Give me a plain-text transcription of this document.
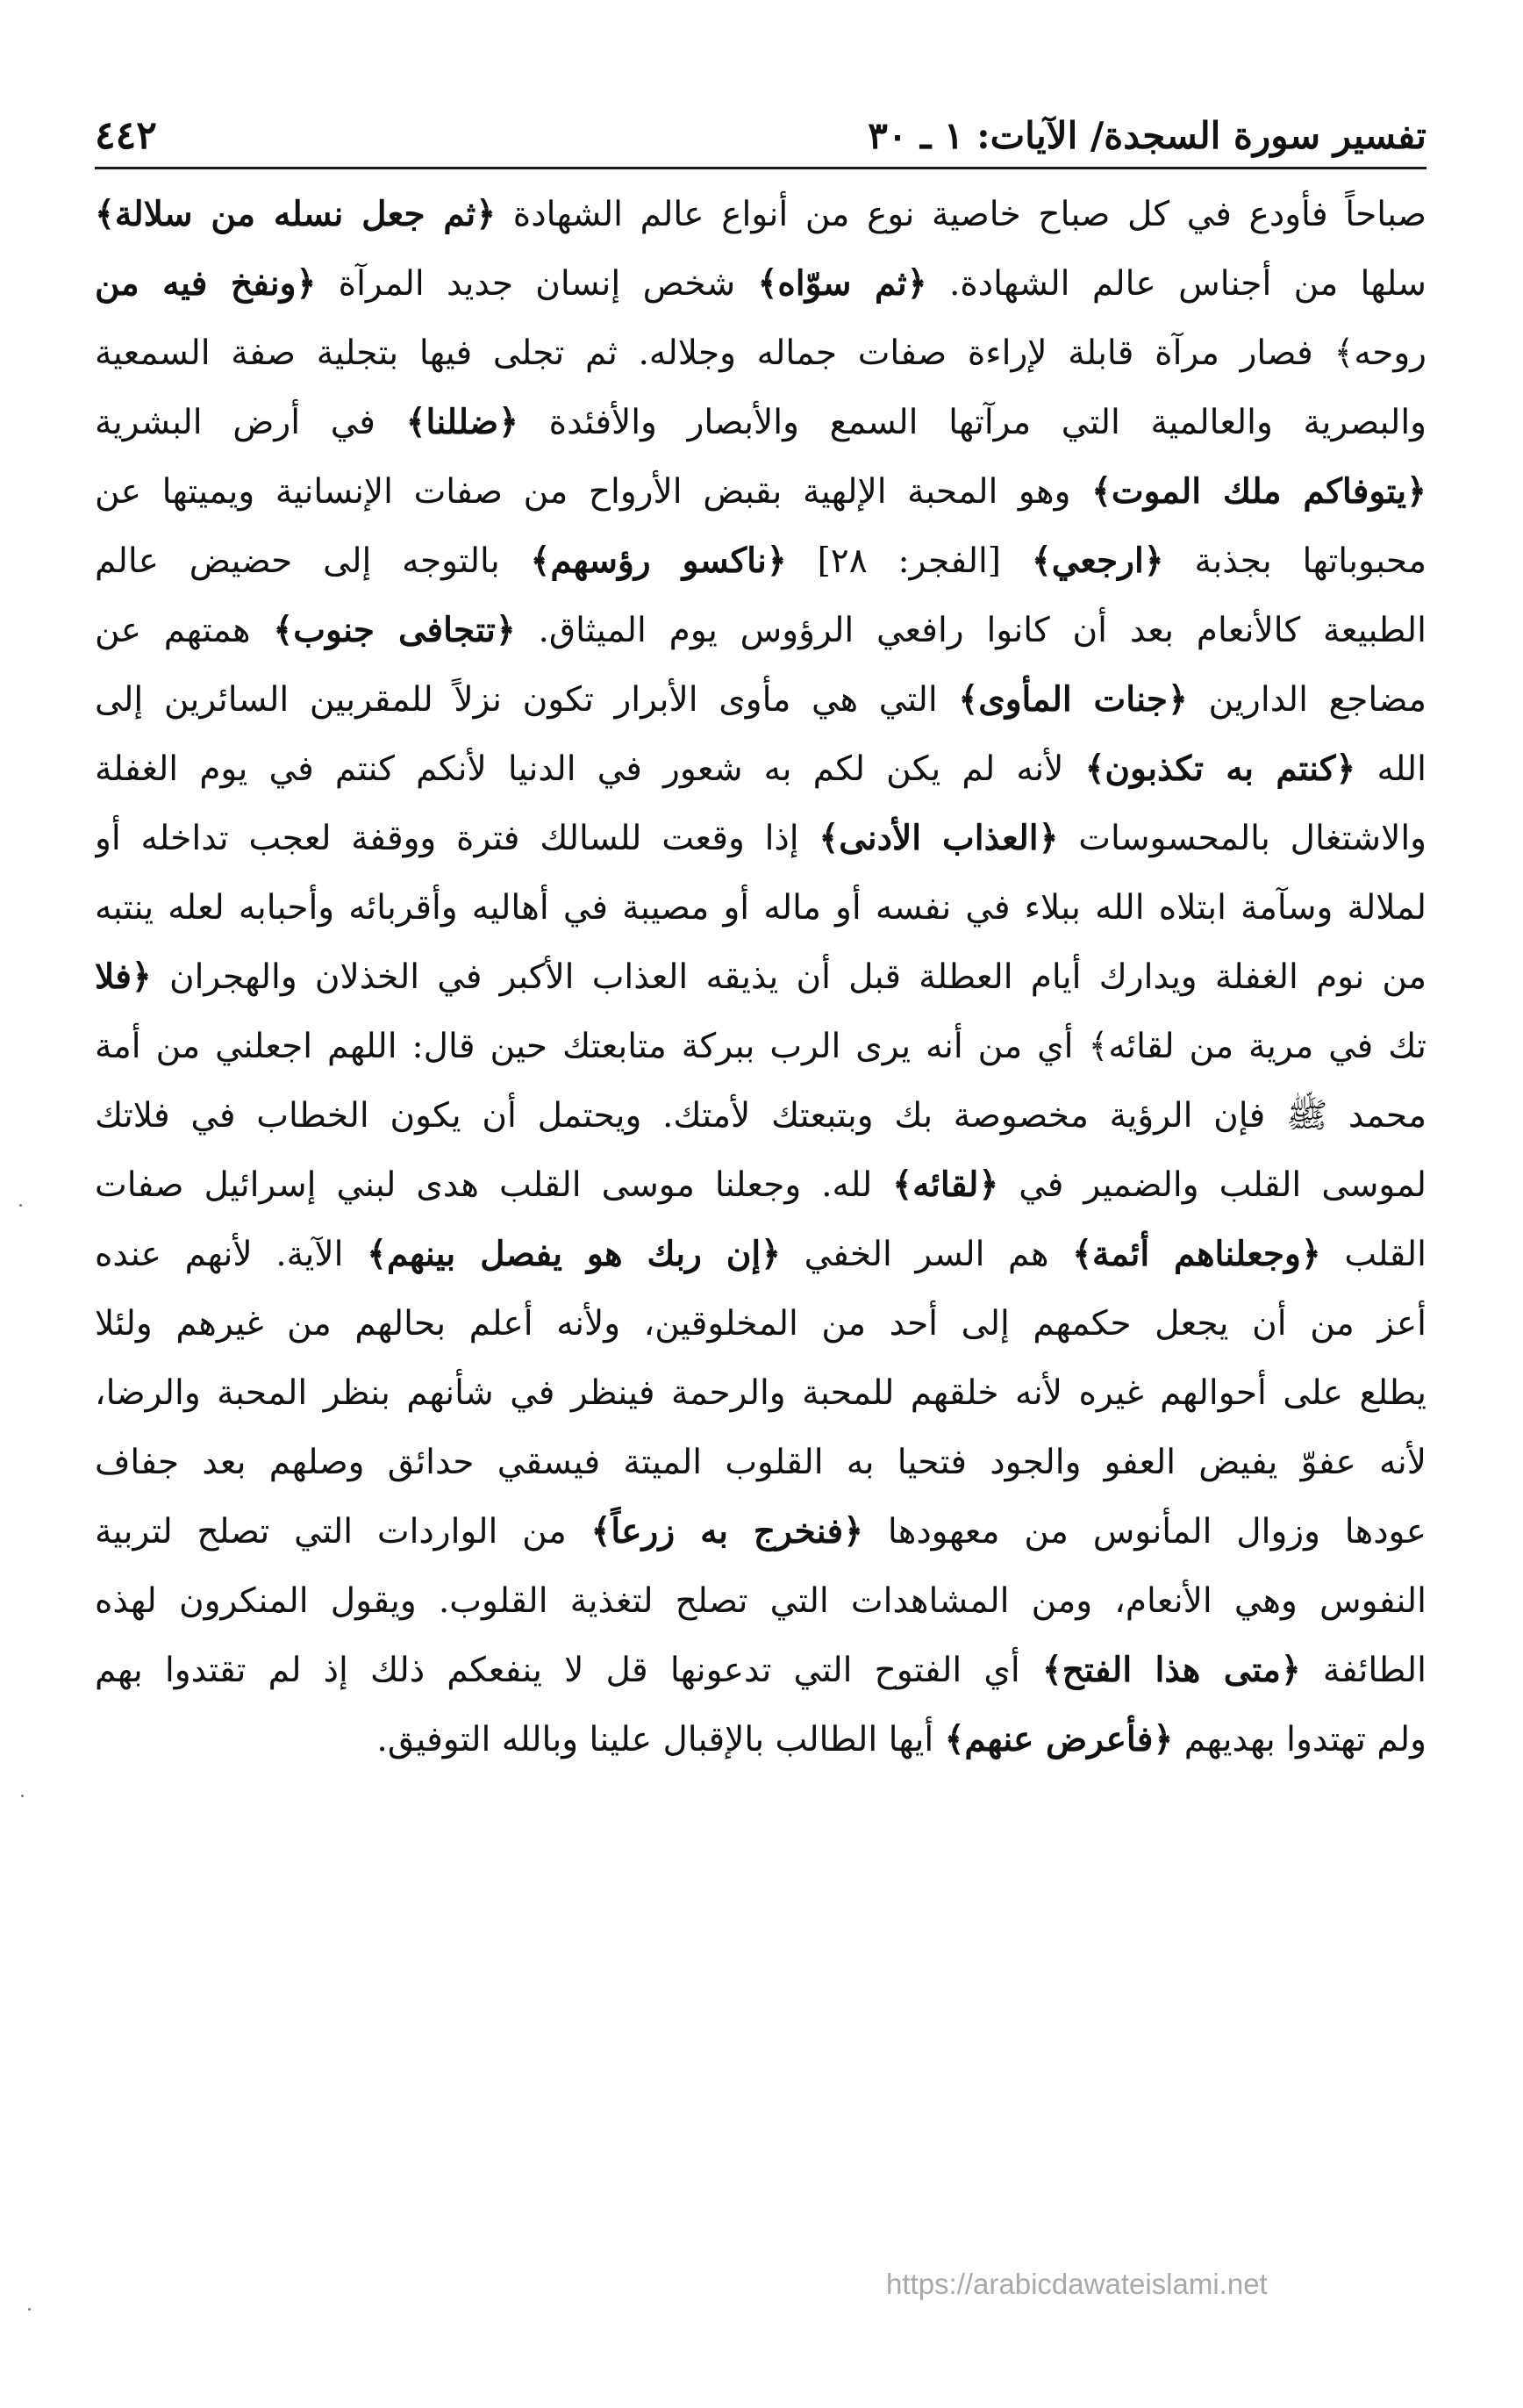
تفسير سورة السجدة/ الآيات: ١ ـ ٣٠
٤٤٢
صباحاً فأودع في كل صباح خاصية نوع من أنواع عالم الشهادة ﴿ثم جعل نسله من سلالة﴾
سلها من أجناس عالم الشهادة. ﴿ثم سوّاه﴾ شخص إنسان جديد المرآة ﴿ونفخ فيه من
روحه﴾ فصار مرآة قابلة لإراءة صفات جماله وجلاله. ثم تجلى فيها بتجلية صفة السمعية
والبصرية والعالمية التي مرآتها السمع والأبصار والأفئدة ﴿ضللنا﴾ في أرض البشرية
﴿يتوفاكم ملك الموت﴾ وهو المحبة الإلهية بقبض الأرواح من صفات الإنسانية ويميتها عن
محبوباتها بجذبة ﴿ارجعي﴾ [الفجر: ٢٨] ﴿ناكسو رؤسهم﴾ بالتوجه إلى حضيض عالم
الطبيعة كالأنعام بعد أن كانوا رافعي الرؤوس يوم الميثاق. ﴿تتجافى جنوب﴾ همتهم عن
مضاجع الدارين ﴿جنات المأوى﴾ التي هي مأوى الأبرار تكون نزلاً للمقربين السائرين إلى
الله ﴿كنتم به تكذبون﴾ لأنه لم يكن لكم به شعور في الدنيا لأنكم كنتم في يوم الغفلة
والاشتغال بالمحسوسات ﴿العذاب الأدنى﴾ إذا وقعت للسالك فترة ووقفة لعجب تداخله أو
لملالة وسآمة ابتلاه الله ببلاء في نفسه أو ماله أو مصيبة في أهاليه وأقربائه وأحبابه لعله ينتبه
من نوم الغفلة ويدارك أيام العطلة قبل أن يذيقه العذاب الأكبر في الخذلان والهجران ﴿فلا
تك في مرية من لقائه﴾ أي من أنه يرى الرب ببركة متابعتك حين قال: اللهم اجعلني من أمة
محمد ﷺ فإن الرؤية مخصوصة بك وبتبعتك لأمتك. ويحتمل أن يكون الخطاب في فلاتك
لموسى القلب والضمير في ﴿لقائه﴾ لله. وجعلنا موسى القلب هدى لبني إسرائيل صفات
القلب ﴿وجعلناهم أئمة﴾ هم السر الخفي ﴿إن ربك هو يفصل بينهم﴾ الآية. لأنهم عنده
أعز من أن يجعل حكمهم إلى أحد من المخلوقين، ولأنه أعلم بحالهم من غيرهم ولئلا
يطلع على أحوالهم غيره لأنه خلقهم للمحبة والرحمة فينظر في شأنهم بنظر المحبة والرضا،
لأنه عفوّ يفيض العفو والجود فتحيا به القلوب الميتة فيسقي حدائق وصلهم بعد جفاف
عودها وزوال المأنوس من معهودها ﴿فنخرج به زرعاً﴾ من الواردات التي تصلح لتربية
النفوس وهي الأنعام، ومن المشاهدات التي تصلح لتغذية القلوب. ويقول المنكرون لهذه
الطائفة ﴿متى هذا الفتح﴾ أي الفتوح التي تدعونها قل لا ينفعكم ذلك إذ لم تقتدوا بهم
ولم تهتدوا بهديهم ﴿فأعرض عنهم﴾ أيها الطالب بالإقبال علينا وبالله التوفيق.
https://arabicdawateislami.net
